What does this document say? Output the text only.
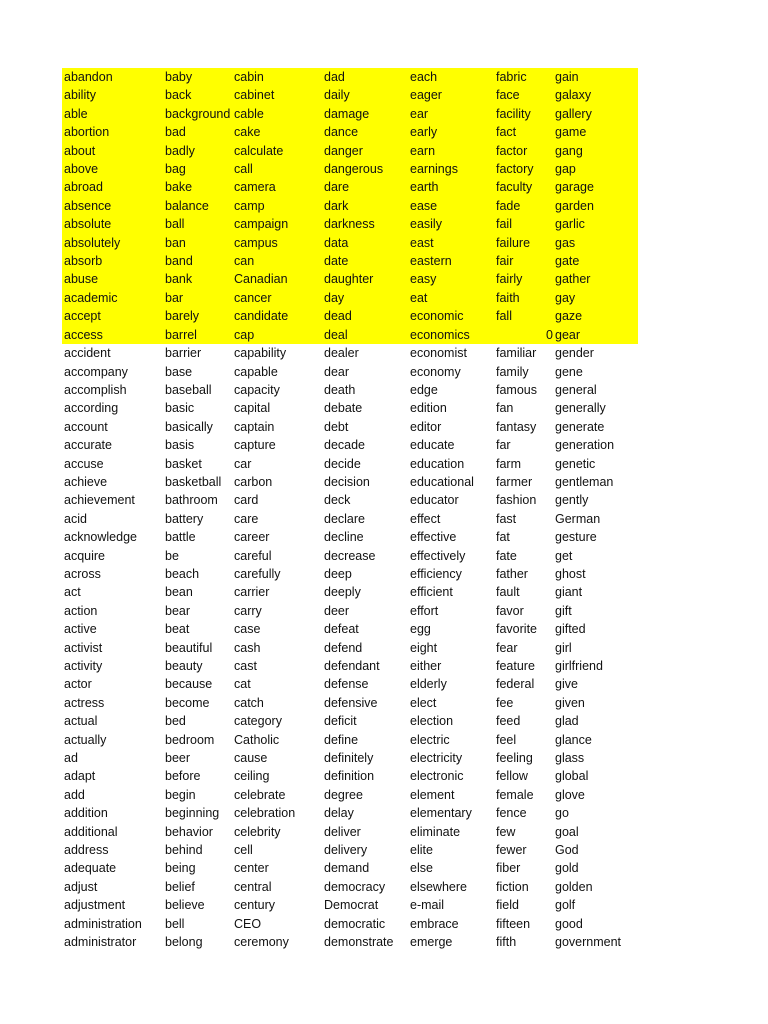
abandon	baby	cabin	dad	each	fabric	gain
ability	back	cabinet	daily	eager	face	galaxy
able	background	cable	damage	ear	facility	gallery
abortion	bad	cake	dance	early	fact	game
about	badly	calculate	danger	earn	factor	gang
above	bag	call	dangerous	earnings	factory	gap
abroad	bake	camera	dare	earth	faculty	garage
absence	balance	camp	dark	ease	fade	garden
absolute	ball	campaign	darkness	easily	fail	garlic
absolutely	ban	campus	data	east	failure	gas
absorb	band	can	date	eastern	fair	gate
abuse	bank	Canadian	daughter	easy	fairly	gather
academic	bar	cancer	day	eat	faith	gay
accept	barely	candidate	dead	economic	fall	gaze
access	barrel	cap	deal	economics	0	gear
accident	barrier	capability	dealer	economist	familiar	gender
accompany	base	capable	dear	economy	family	gene
accomplish	baseball	capacity	death	edge	famous	general
according	basic	capital	debate	edition	fan	generally
account	basically	captain	debt	editor	fantasy	generate
accurate	basis	capture	decade	educate	far	generation
accuse	basket	car	decide	education	farm	genetic
achieve	basketball	carbon	decision	educational	farmer	gentleman
achievement	bathroom	card	deck	educator	fashion	gently
acid	battery	care	declare	effect	fast	German
acknowledge	battle	career	decline	effective	fat	gesture
acquire	be	careful	decrease	effectively	fate	get
across	beach	carefully	deep	efficiency	father	ghost
act	bean	carrier	deeply	efficient	fault	giant
action	bear	carry	deer	effort	favor	gift
active	beat	case	defeat	egg	favorite	gifted
activist	beautiful	cash	defend	eight	fear	girl
activity	beauty	cast	defendant	either	feature	girlfriend
actor	because	cat	defense	elderly	federal	give
actress	become	catch	defensive	elect	fee	given
actual	bed	category	deficit	election	feed	glad
actually	bedroom	Catholic	define	electric	feel	glance
ad	beer	cause	definitely	electricity	feeling	glass
adapt	before	ceiling	definition	electronic	fellow	global
add	begin	celebrate	degree	element	female	glove
addition	beginning	celebration	delay	elementary	fence	go
additional	behavior	celebrity	deliver	eliminate	few	goal
address	behind	cell	delivery	elite	fewer	God
adequate	being	center	demand	else	fiber	gold
adjust	belief	central	democracy	elsewhere	fiction	golden
adjustment	believe	century	Democrat	e-mail	field	golf
administration	bell	CEO	democratic	embrace	fifteen	good
administrator	belong	ceremony	demonstrate	emerge	fifth	government
